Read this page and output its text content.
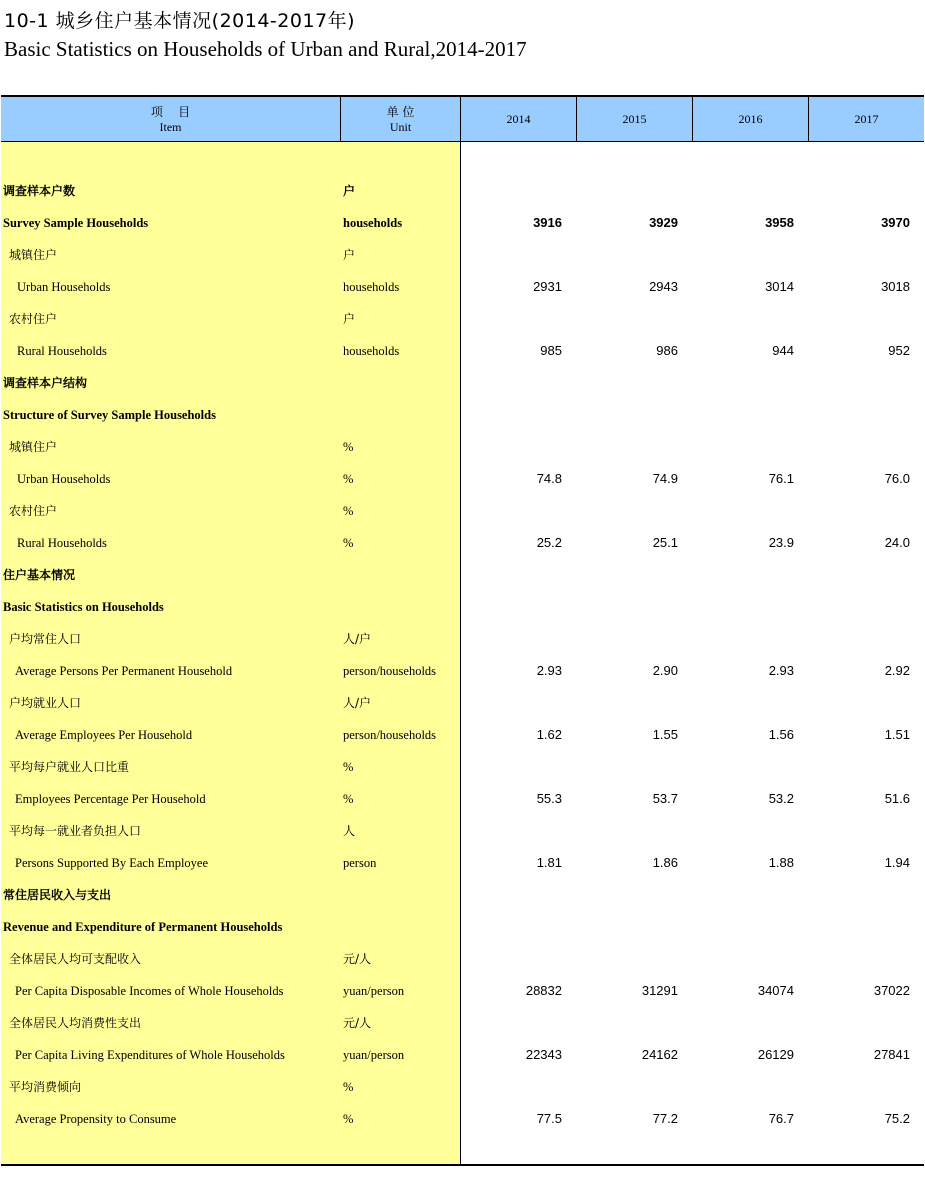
10-1 城乡住户基本情况(2014-2017年)
Basic Statistics on Households of Urban and Rural,2014-2017
项    目
Item
单 位
Unit
2014	2015	2016	2017
调查样本户数	户
Survey Sample Households	households	3916	3929	3958	3970
城镇住户	户
Urban Households	households	2931	2943	3014	3018
农村住户	户
Rural Households	households	985	986	944	952
调查样本户结构
Structure of Survey Sample Households
城镇住户	%
Urban Households	%	74.8	74.9	76.1	76.0
农村住户	%
Rural Households	%	25.2	25.1	23.9	24.0
住户基本情况
Basic Statistics on Households
户均常住人口	人/户
Average Persons Per Permanent Household	person/households	2.93	2.90	2.93	2.92
户均就业人口	人/户
Average Employees Per Household	person/households	1.62	1.55	1.56	1.51
平均每户就业人口比重	%
Employees Percentage Per Household	%	55.3	53.7	53.2	51.6
平均每一就业者负担人口	人
Persons Supported By Each Employee	person	1.81	1.86	1.88	1.94
常住居民收入与支出
Revenue and Expenditure of Permanent Households
全体居民人均可支配收入	元/人
Per Capita Disposable Incomes of Whole Households	yuan/person	28832	31291	34074	37022
全体居民人均消费性支出	元/人
Per Capita Living Expenditures of Whole Households	yuan/person	22343	24162	26129	27841
平均消费倾向	%
Average Propensity to Consume	%	77.5	77.2	76.7	75.2
